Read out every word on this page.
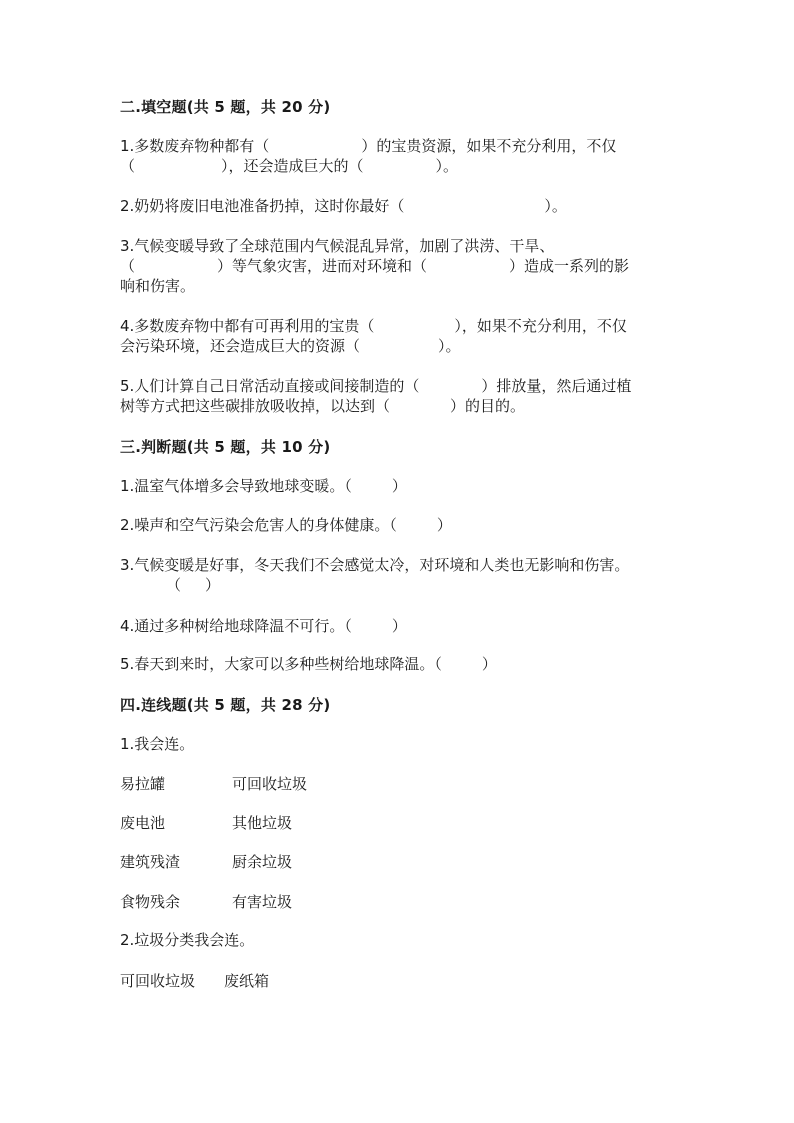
二.填空题(共 5 题，共 20 分)
1.多数废弃物种都有（	）的宝贵资源，如果不充分利用，不仅
（	），还会造成巨大的（	）。
2.奶奶将废旧电池准备扔掉，这时你最好（	）。
3.气候变暖导致了全球范围内气候混乱异常，加剧了洪涝、干旱、
（	）等气象灾害，进而对环境和（	）造成一系列的影
响和伤害。
4.多数废弃物中都有可再利用的宝贵（	），如果不充分利用，不仅
会污染环境，还会造成巨大的资源（	）。
5.人们计算自己日常活动直接或间接制造的（	）排放量，然后通过植
树等方式把这些碳排放吸收掉，以达到（	）的目的。
三.判断题(共 5 题，共 10 分)
1.温室气体增多会导致地球变暖。（	）
2.噪声和空气污染会危害人的身体健康。（	）
3.气候变暖是好事，冬天我们不会感觉太冷，对环境和人类也无影响和伤害。
（ ）
4.通过多种树给地球降温不可行。（	）
5.春天到来时，大家可以多种些树给地球降温。（	）
四.连线题(共 5 题，共 28 分)
1.我会连。
易拉罐	可回收垃圾
废电池	其他垃圾
建筑残渣	厨余垃圾
食物残余	有害垃圾
2.垃圾分类我会连。
可回收垃圾 废纸箱
